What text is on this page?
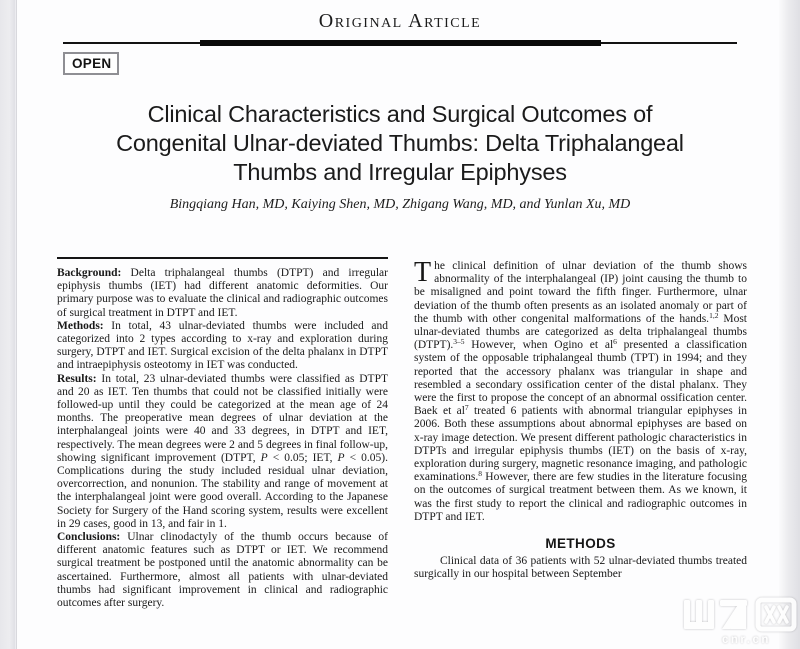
Original Article
OPEN
Clinical Characteristics and Surgical Outcomes of
Congenital Ulnar-deviated Thumbs: Delta Triphalangeal
Thumbs and Irregular Epiphyses
Bingqiang Han, MD, Kaiying Shen, MD, Zhigang Wang, MD, and Yunlan Xu, MD

Background: Delta triphalangeal thumbs (DTPT) and irregular epiphysis thumbs (IET) had different anatomic deformities. Our primary purpose was to evaluate the clinical and radiographic outcomes of surgical treatment in DTPT and IET.

Methods: In total, 43 ulnar-deviated thumbs were included and categorized into 2 types according to x-ray and exploration during surgery, DTPT and IET. Surgical excision of the delta phalanx in DTPT and intraepiphysis osteotomy in IET was conducted.

Results: In total, 23 ulnar-deviated thumbs were classified as DTPT and 20 as IET. Ten thumbs that could not be classified initially were followed-up until they could be categorized at the mean age of 24 months. The preoperative mean degrees of ulnar deviation at the interphalangeal joints were 40 and 33 degrees, in DTPT and IET, respectively. The mean degrees were 2 and 5 degrees in final follow-up, showing significant improvement (DTPT, P < 0.05; IET, P < 0.05). Complications during the study included residual ulnar deviation, overcorrection, and nonunion. The stability and range of movement at the interphalangeal joint were good overall. According to the Japanese Society for Surgery of the Hand scoring system, results were excellent in 29 cases, good in 13, and fair in 1.

Conclusions: Ulnar clinodactyly of the thumb occurs because of different anatomic features such as DTPT or IET. We recommend surgical treatment be postponed until the anatomic abnormality can be ascertained. Furthermore, almost all patients with ulnar-deviated thumbs had significant improvement in clinical and radiographic outcomes after surgery.

The clinical definition of ulnar deviation of the thumb shows abnormality of the interphalangeal (IP) joint causing the thumb to be misaligned and point toward the fifth finger. Furthermore, ulnar deviation of the thumb often presents as an isolated anomaly or part of the thumb with other congenital malformations of the hands.$^{1,2}$ Most ulnar-deviated thumbs are categorized as delta triphalangeal thumbs (DTPT).$^{3-5}$ However, when Ogino et $al^6$ presented a classification system of the opposable triphalangeal thumb (TPT) in 1994; and they reported that the accessory phalanx was triangular in shape and resembled a secondary ossification center of the distal phalanx. They were the first to propose the concept of an abnormal ossification center. Baek et $al^7$ treated 6 patients with abnormal triangular epiphyses in 2006. Both these assumptions about abnormal epiphyses are based on x-ray image detection. We present different pathologic characteristics in DTPTs and irregular epiphysis thumbs (IET) on the basis of x-ray, exploration during surgery, magnetic resonance imaging, and pathologic examinations.$^8$ However, there are few studies in the literature focusing on the outcomes of surgical treatment between them. As we known, it was the first study to report the clinical and radiographic outcomes in DTPT and IET.

METHODS

Clinical data of 36 patients with 52 ulnar-deviated thumbs treated surgically in our hospital between September

cnr.cn
